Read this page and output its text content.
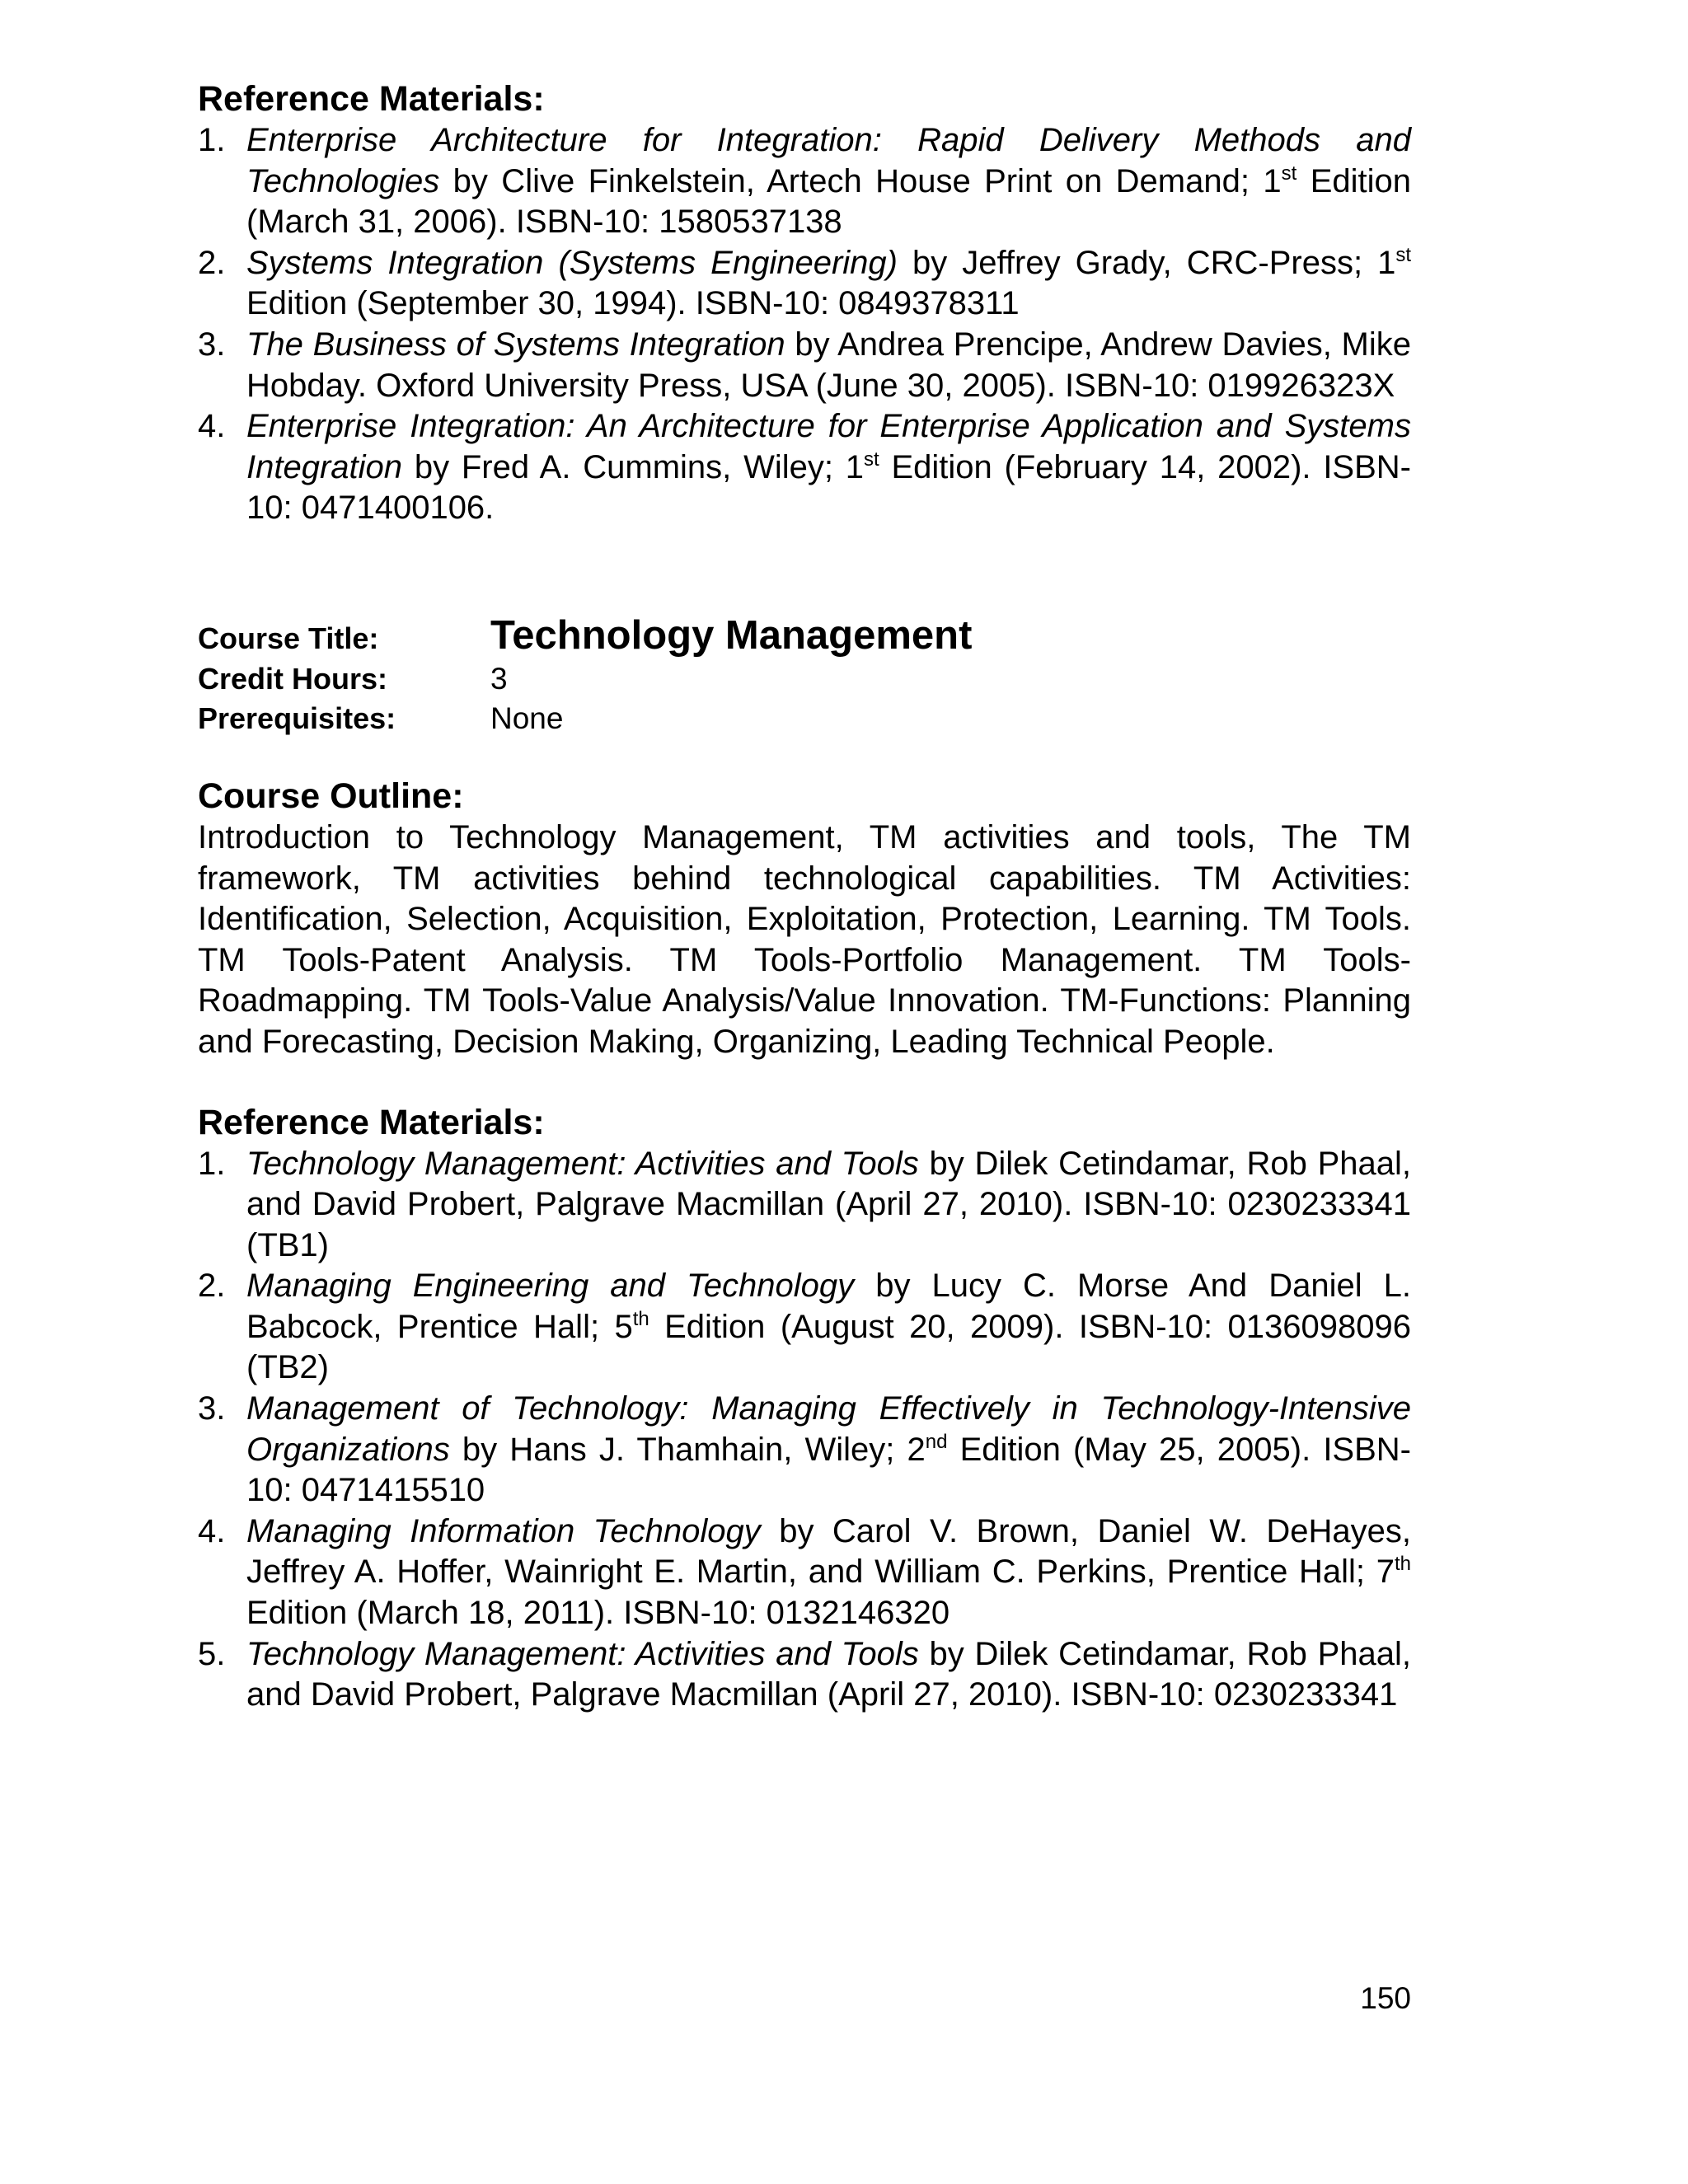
Reference Materials:
1. Enterprise Architecture for Integration: Rapid Delivery Methods and Technologies by Clive Finkelstein, Artech House Print on Demand; 1st Edition (March 31, 2006). ISBN-10: 1580537138
2. Systems Integration (Systems Engineering) by Jeffrey Grady, CRC-Press; 1st Edition (September 30, 1994). ISBN-10: 0849378311
3. The Business of Systems Integration by Andrea Prencipe, Andrew Davies, Mike Hobday. Oxford University Press, USA (June 30, 2005). ISBN-10: 019926323X
4. Enterprise Integration: An Architecture for Enterprise Application and Systems Integration by Fred A. Cummins, Wiley; 1st Edition (February 14, 2002). ISBN-10: 0471400106.
Course Title:	Technology Management
Credit Hours:	3
Prerequisites:	None
Course Outline:

Introduction to Technology Management, TM activities and tools, The TM framework, TM activities behind technological capabilities. TM Activities: Identification, Selection, Acquisition, Exploitation, Protection, Learning. TM Tools. TM Tools-Patent Analysis. TM Tools-Portfolio Management. TM Tools-Roadmapping. TM Tools-Value Analysis/Value Innovation. TM-Functions: Planning and Forecasting, Decision Making, Organizing, Leading Technical People.

Reference Materials:
1. Technology Management: Activities and Tools by Dilek Cetindamar, Rob Phaal, and David Probert, Palgrave Macmillan (April 27, 2010). ISBN-10: 0230233341 (TB1)
2. Managing Engineering and Technology by Lucy C. Morse And Daniel L. Babcock, Prentice Hall; 5th Edition (August 20, 2009). ISBN-10: 0136098096 (TB2)
3. Management of Technology: Managing Effectively in Technology-Intensive Organizations by Hans J. Thamhain, Wiley; 2nd Edition (May 25, 2005). ISBN-10: 0471415510
4. Managing Information Technology by Carol V. Brown, Daniel W. DeHayes, Jeffrey A. Hoffer, Wainright E. Martin, and William C. Perkins, Prentice Hall; 7th Edition (March 18, 2011). ISBN-10: 0132146320
5. Technology Management: Activities and Tools by Dilek Cetindamar, Rob Phaal, and David Probert, Palgrave Macmillan (April 27, 2010). ISBN-10: 0230233341
150
